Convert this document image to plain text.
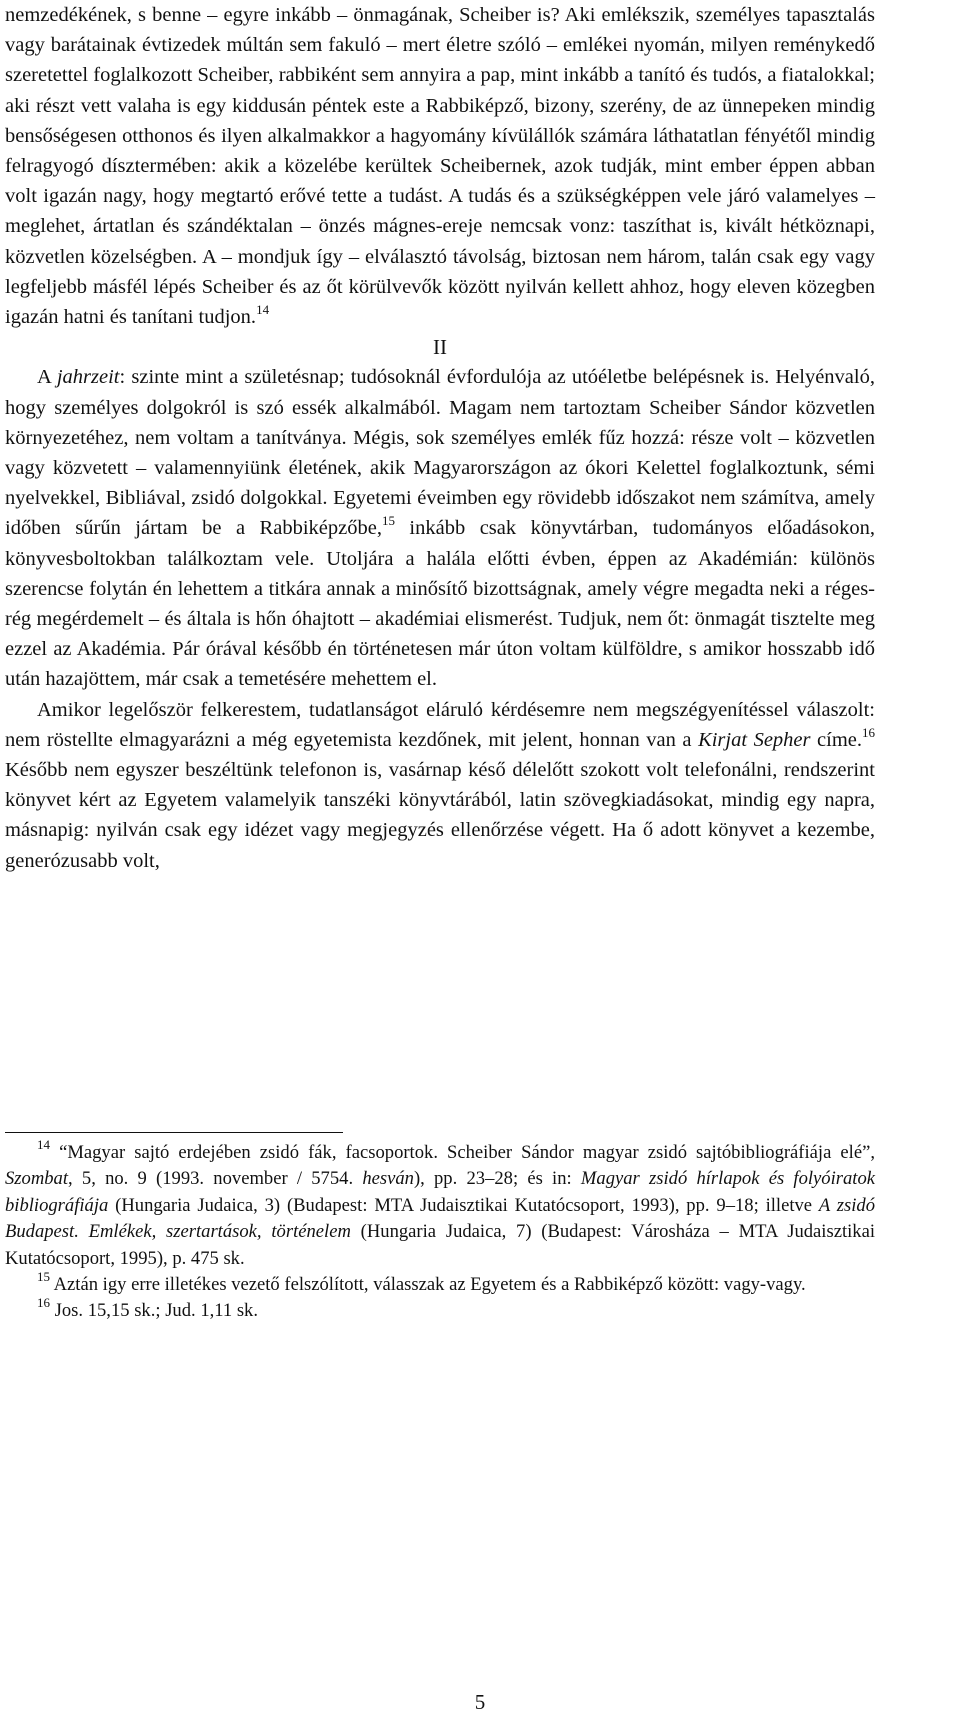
nemzedékének, s benne – egyre inkább – önmagának, Scheiber is? Aki emlékszik, személyes tapasztalás vagy barátainak évtizedek múltán sem fakuló – mert életre szóló – emlékei nyomán, milyen reménykedő szeretettel foglalkozott Scheiber, rabbiként sem annyira a pap, mint inkább a tanító és tudós, a fiatalokkal; aki részt vett valaha is egy kiddusán péntek este a Rabbiképző, bizony, szerény, de az ünnepeken mindig bensőségesen otthonos és ilyen alkalmakkor a hagyomány kívülállók számára láthatatlan fényétől mindig felragyogó dísztermében: akik a közelébe kerültek Scheibernek, azok tudják, mint ember éppen abban volt igazán nagy, hogy megtartó erővé tette a tudást. A tudás és a szükségképpen vele járó valamelyes – meglehet, ártatlan és szándéktalan – önzés mágnes-ereje nemcsak vonz: taszíthat is, kivált hétköznapi, közvetlen közelségben. A – mondjuk így – elválasztó távolság, biztosan nem három, talán csak egy vagy legfeljebb másfél lépés Scheiber és az őt körülvevők között nyilván kellett ahhoz, hogy eleven közegben igazán hatni és tanítani tudjon.$^{14}$

II

A jahrzeit: szinte mint a születésnap; tudósoknál évfordulója az utóéletbe belépésnek is. Helyénvaló, hogy személyes dolgokról is szó essék alkalmából. Magam nem tartoztam Scheiber Sándor közvetlen környezetéhez, nem voltam a tanítványa. Mégis, sok személyes emlék fűz hozzá: része volt – közvetlen vagy közvetett – valamennyiünk életének, akik Magyarországon az ókori Kelettel foglalkoztunk, sémi nyelvekkel, Bibliával, zsidó dolgokkal. Egyetemi éveimben egy rövidebb időszakot nem számítva, amely időben sűrűn jártam be a Rabbiképzőbe,$^{15}$ inkább csak könyvtárban, tudományos előadásokon, könyvesboltokban találkoztam vele. Utoljára a halála előtti évben, éppen az Akadémián: különös szerencse folytán én lehettem a titkára annak a minősítő bizottságnak, amely végre megadta neki a réges-rég megérdemelt – és általa is hőn óhajtott – akadémiai elismerést. Tudjuk, nem őt: önmagát tisztelte meg ezzel az Akadémia. Pár órával később én történetesen már úton voltam külföldre, s amikor hosszabb idő után hazajöttem, már csak a temetésére mehettem el.

Amikor legelőször felkerestem, tudatlanságot eláruló kérdésemre nem megszégyenítéssel válaszolt: nem röstellte elmagyarázni a még egyetemista kezdőnek, mit jelent, honnan van a Kirjat Sepher címe.$^{16}$ Később nem egyszer beszéltünk telefonon is, vasárnap késő délelőtt szokott volt telefonálni, rendszerint könyvet kért az Egyetem valamelyik tanszéki könyvtárából, latin szövegkiadásokat, mindig egy napra, másnapig: nyilván csak egy idézet vagy megjegyzés ellenőrzése végett. Ha ő adott könyvet a kezembe, generózusabb volt,

$^{14}$ “Magyar sajtó erdejében zsidó fák, facsoportok. Scheiber Sándor magyar zsidó sajtóbibliográfiája elé”, Szombat, 5, no. 9 (1993. november / 5754. hesván), pp. 23–28; és in: Magyar zsidó hírlapok és folyóiratok bibliográfiája (Hungaria Judaica, 3) (Budapest: MTA Judaisztikai Kutatócsoport, 1993), pp. 9–18; illetve A zsidó Budapest. Emlékek, szertartások, történelem (Hungaria Judaica, 7) (Budapest: Városháza – MTA Judaisztikai Kutatócsoport, 1995), p. 475 sk.

$^{15}$ Aztán igy erre illetékes vezető felszólított, válasszak az Egyetem és a Rabbiképző között: vagy-vagy.

$^{16}$ Jos. 15,15 sk.; Jud. 1,11 sk.

5
